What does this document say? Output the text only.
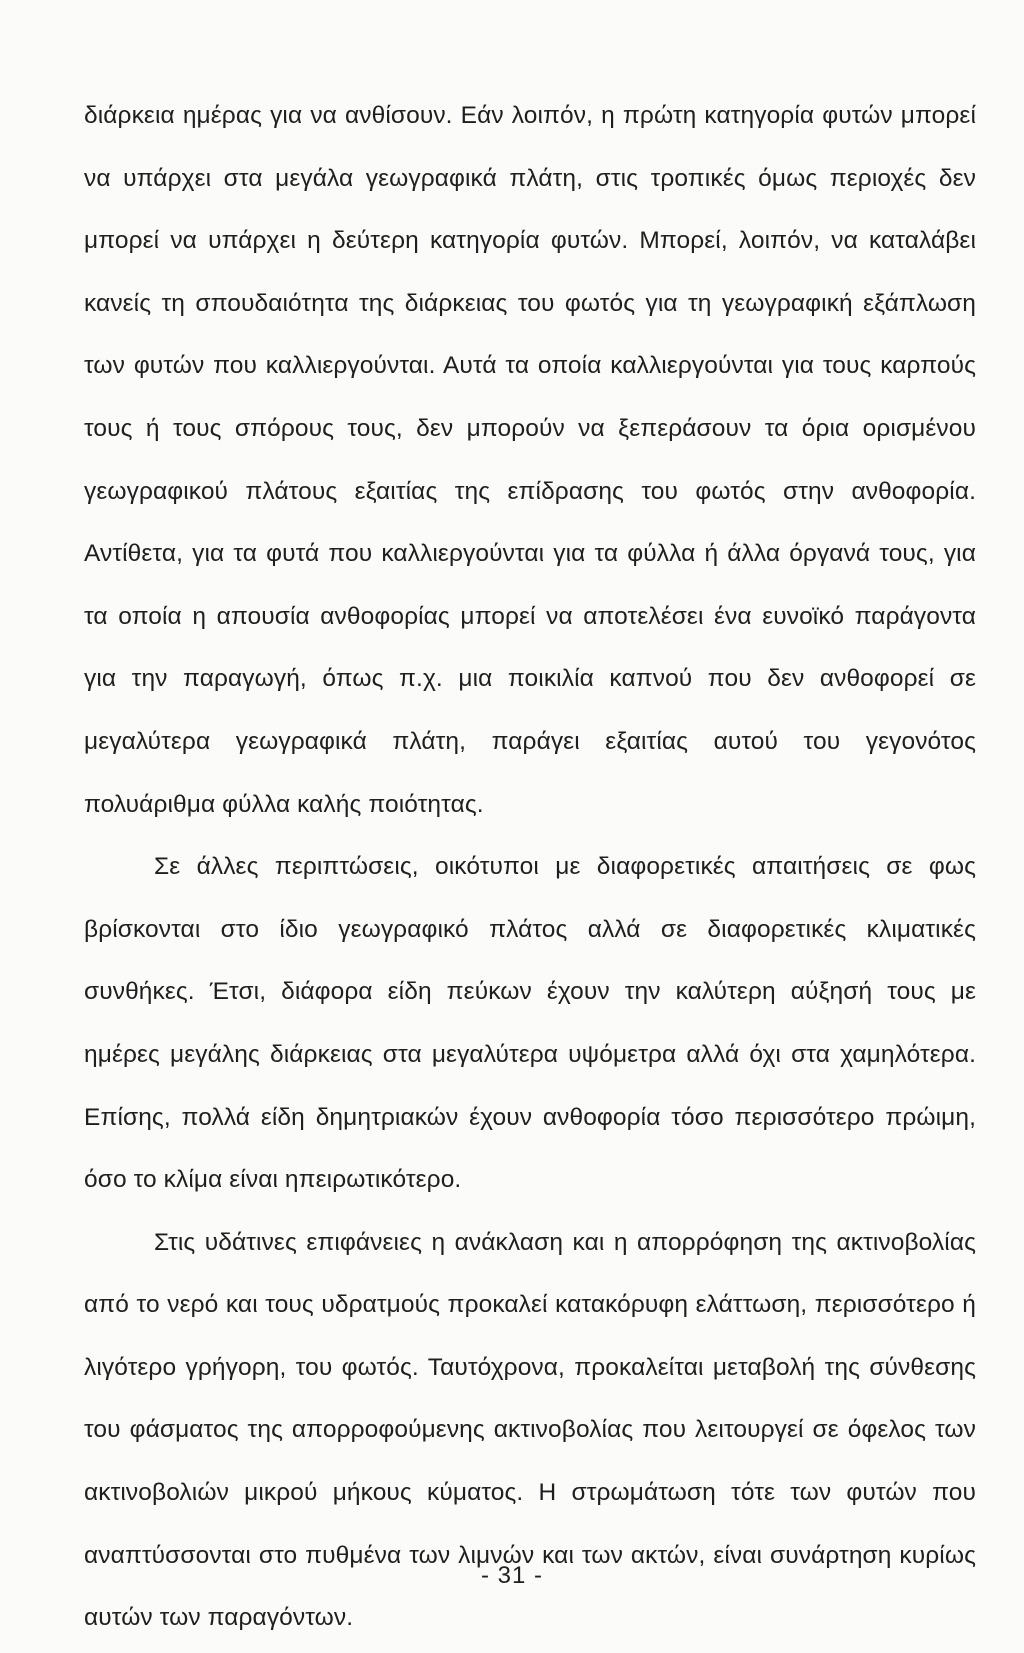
διάρκεια ημέρας για να ανθίσουν. Εάν λοιπόν, η πρώτη κατηγορία φυτών μπορεί να υπάρχει στα μεγάλα γεωγραφικά πλάτη, στις τροπικές όμως περιοχές δεν μπορεί να υπάρχει η δεύτερη κατηγορία φυτών. Μπορεί, λοιπόν, να καταλάβει κανείς τη σπουδαιότητα της διάρκειας του φωτός για τη γεωγραφική εξάπλωση των φυτών που καλλιεργούνται. Αυτά τα οποία καλλιεργούνται για τους καρπούς τους ή τους σπόρους τους, δεν μπορούν να ξεπεράσουν τα όρια ορισμένου γεωγραφικού πλάτους εξαιτίας της επίδρασης του φωτός στην ανθοφορία. Αντίθετα, για τα φυτά που καλλιεργούνται για τα φύλλα ή άλλα όργανά τους, για τα οποία η απουσία ανθοφορίας μπορεί να αποτελέσει ένα ευνοϊκό παράγοντα για την παραγωγή, όπως π.χ. μια ποικιλία καπνού που δεν ανθοφορεί σε μεγαλύτερα γεωγραφικά πλάτη, παράγει εξαιτίας αυτού του γεγονότος πολυάριθμα φύλλα καλής ποιότητας.

Σε άλλες περιπτώσεις, οικότυποι με διαφορετικές απαιτήσεις σε φως βρίσκονται στο ίδιο γεωγραφικό πλάτος αλλά σε διαφορετικές κλιματικές συνθήκες. Έτσι, διάφορα είδη πεύκων έχουν την καλύτερη αύξησή τους με ημέρες μεγάλης διάρκειας στα μεγαλύτερα υψόμετρα αλλά όχι στα χαμηλότερα. Επίσης, πολλά είδη δημητριακών έχουν ανθοφορία τόσο περισσότερο πρώιμη, όσο το κλίμα είναι ηπειρωτικότερο.

Στις υδάτινες επιφάνειες η ανάκλαση και η απορρόφηση της ακτινοβολίας από το νερό και τους υδρατμούς προκαλεί κατακόρυφη ελάττωση, περισσότερο ή λιγότερο γρήγορη, του φωτός. Ταυτόχρονα, προκαλείται μεταβολή της σύνθεσης του φάσματος της απορροφούμενης ακτινοβολίας που λειτουργεί σε όφελος των ακτινοβολιών μικρού μήκους κύματος. Η στρωμάτωση τότε των φυτών που αναπτύσσονται στο πυθμένα των λιμνών και των ακτών, είναι συνάρτηση κυρίως αυτών των παραγόντων.

- 31 -
